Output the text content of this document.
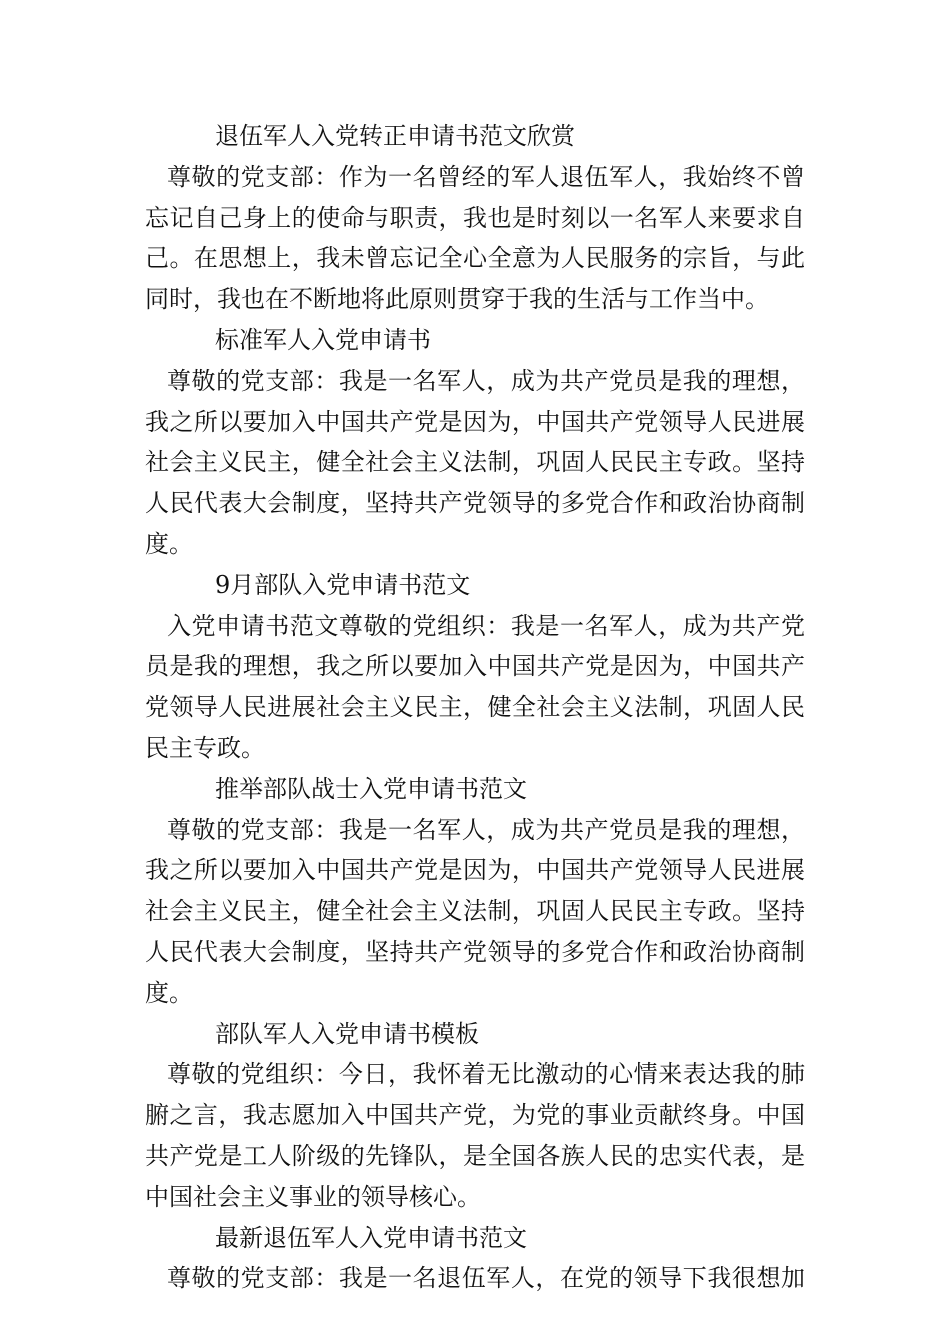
退伍军人入党转正申请书范文欣赏
尊敬的党支部：作为一名曾经的军人退伍军人，我始终不曾
忘记自己身上的使命与职责，我也是时刻以一名军人来要求自
己。在思想上，我未曾忘记全心全意为人民服务的宗旨，与此
同时，我也在不断地将此原则贯穿于我的生活与工作当中。
标准军人入党申请书
尊敬的党支部：我是一名军人，成为共产党员是我的理想，
我之所以要加入中国共产党是因为，中国共产党领导人民进展
社会主义民主，健全社会主义法制，巩固人民民主专政。坚持
人民代表大会制度，坚持共产党领导的多党合作和政治协商制
度。
9月部队入党申请书范文
入党申请书范文尊敬的党组织：我是一名军人，成为共产党
员是我的理想，我之所以要加入中国共产党是因为，中国共产
党领导人民进展社会主义民主，健全社会主义法制，巩固人民
民主专政。
推举部队战士入党申请书范文
尊敬的党支部：我是一名军人，成为共产党员是我的理想，
我之所以要加入中国共产党是因为，中国共产党领导人民进展
社会主义民主，健全社会主义法制，巩固人民民主专政。坚持
人民代表大会制度，坚持共产党领导的多党合作和政治协商制
度。
部队军人入党申请书模板
尊敬的党组织：今日，我怀着无比激动的心情来表达我的肺
腑之言，我志愿加入中国共产党，为党的事业贡献终身。中国
共产党是工人阶级的先锋队，是全国各族人民的忠实代表，是
中国社会主义事业的领导核心。
最新退伍军人入党申请书范文
尊敬的党支部：我是一名退伍军人，在党的领导下我很想加
